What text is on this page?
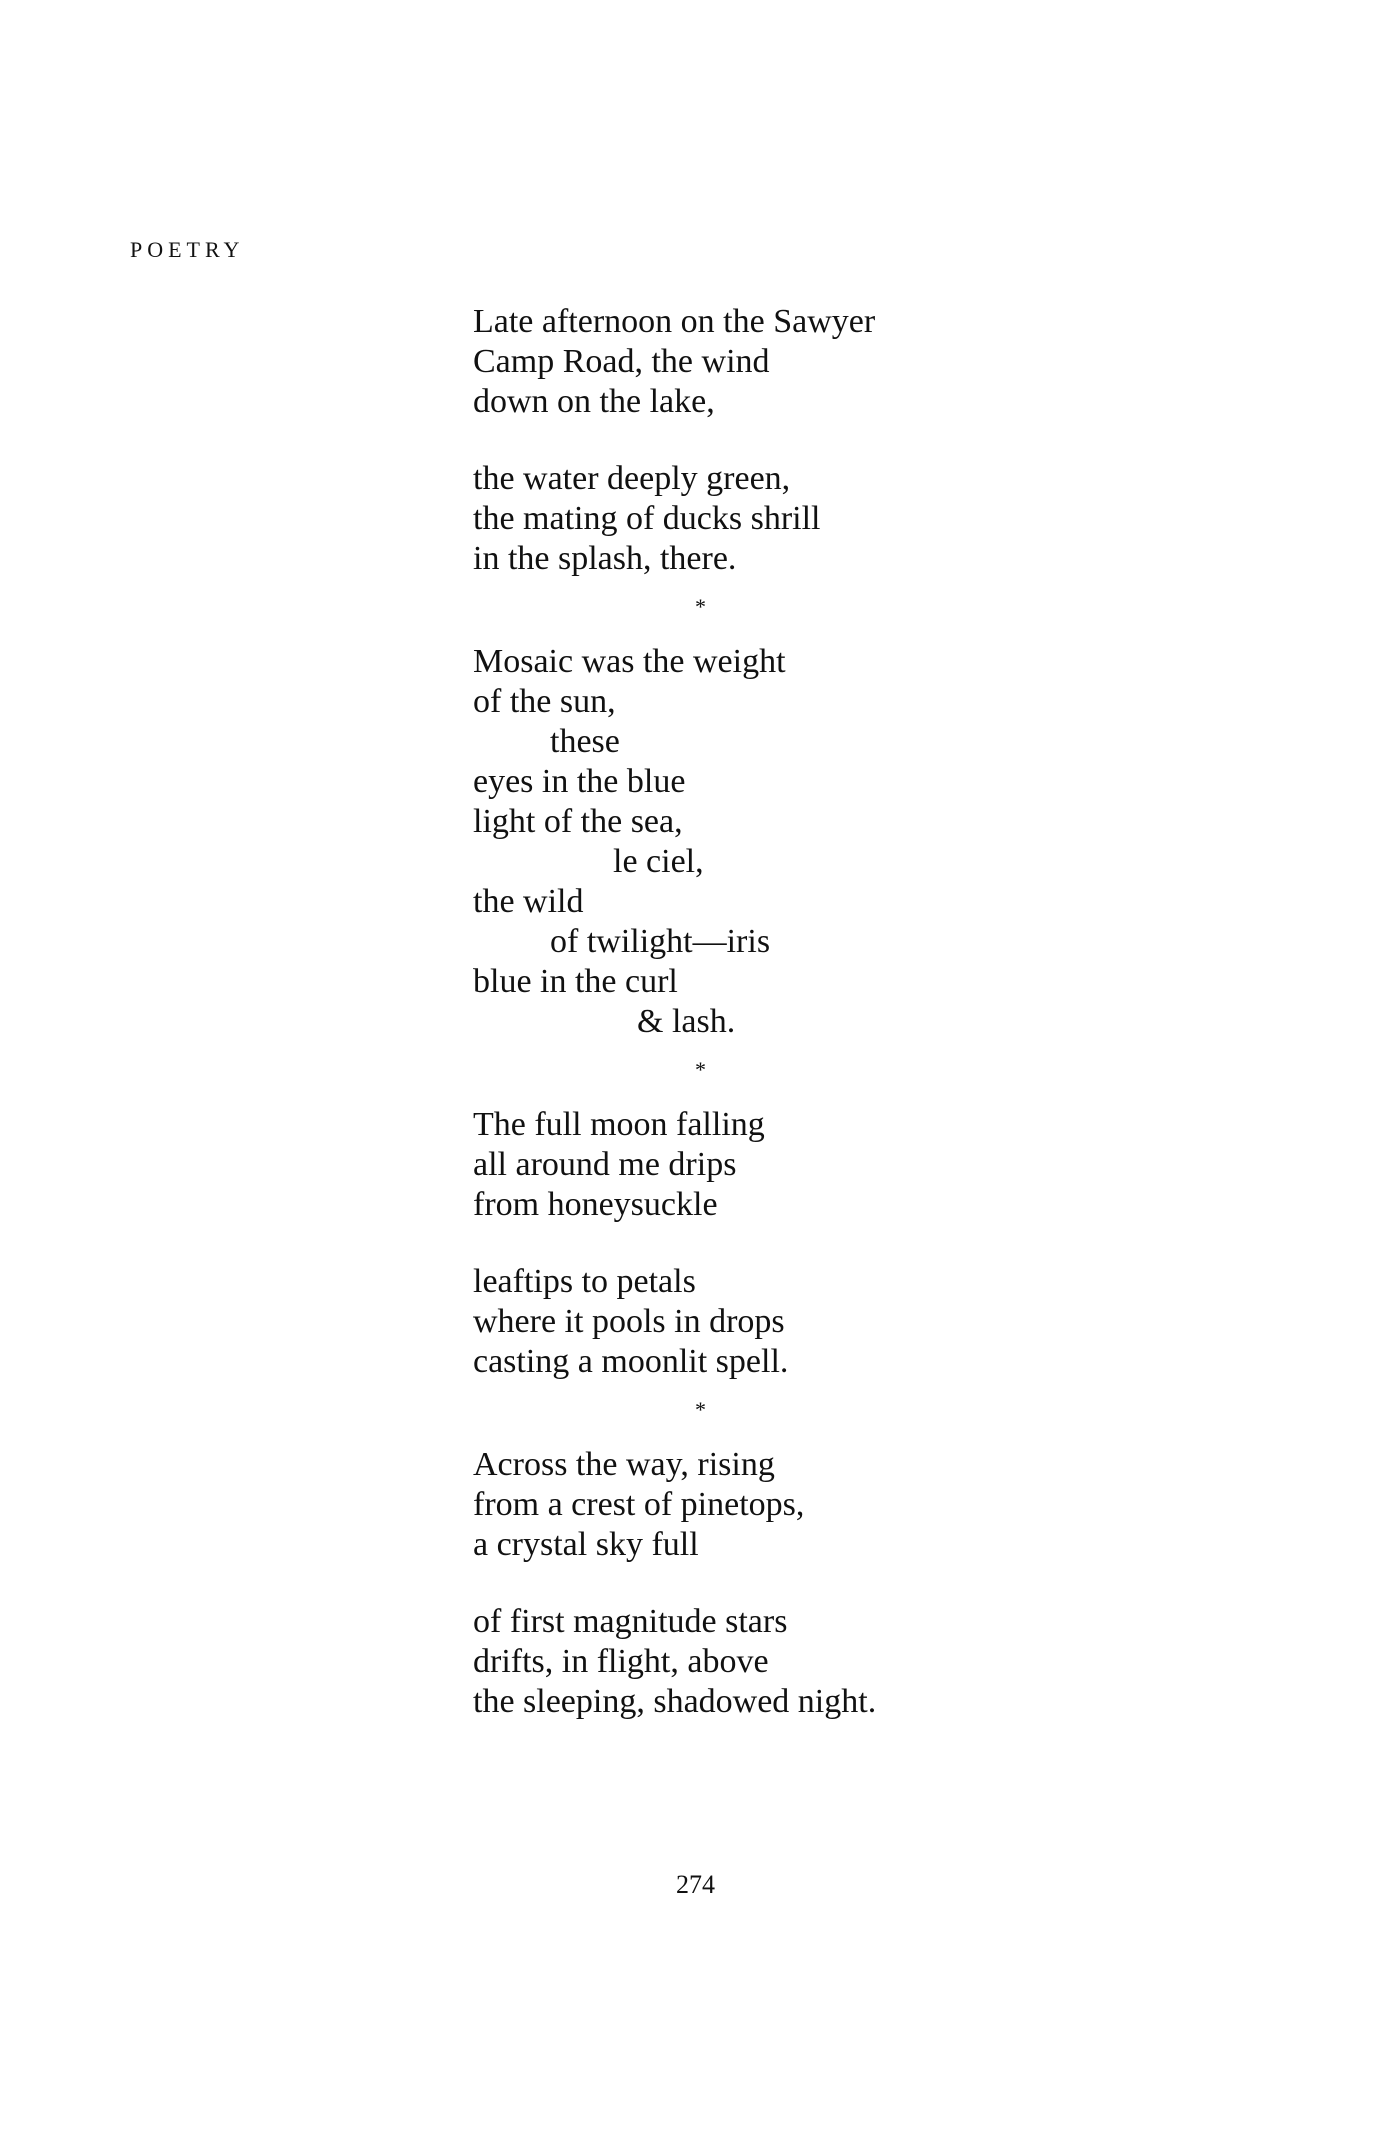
POETRY
Late afternoon on the Sawyer
Camp Road, the wind
down on the lake,
the water deeply green,
the mating of ducks shrill
in the splash, there.
*
Mosaic was the weight
of the sun,
these
eyes in the blue
light of the sea,
le ciel,
the wild
of twilight—iris
blue in the curl
& lash.
*
The full moon falling
all around me drips
from honeysuckle
leaftips to petals
where it pools in drops
casting a moonlit spell.
*
Across the way, rising
from a crest of pinetops,
a crystal sky full
of first magnitude stars
drifts, in flight, above
the sleeping, shadowed night.
274
